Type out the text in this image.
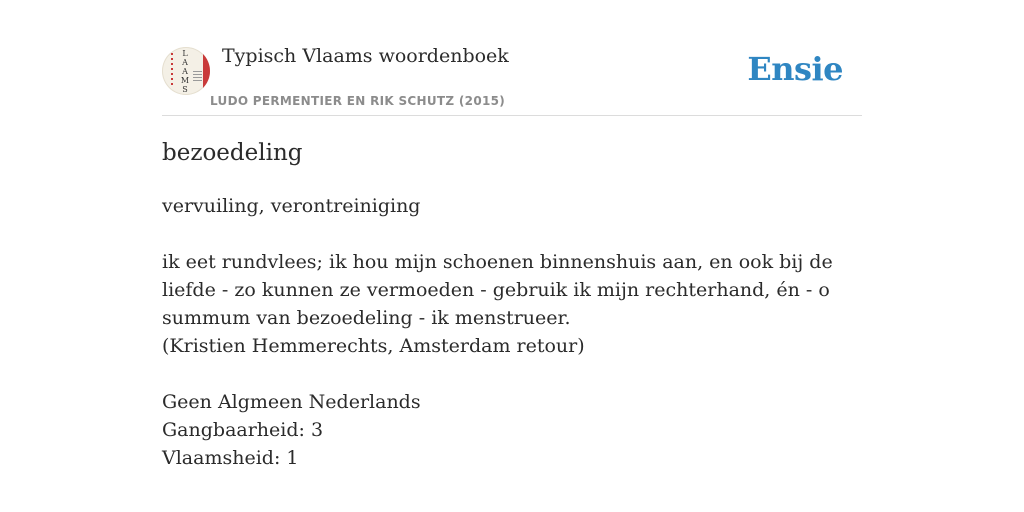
L
A
A
M
S
Typisch Vlaams woordenboek
LUDO PERMENTIER EN RIK SCHUTZ (2015)
Ensie
bezoedeling

vervuiling, verontreiniging

ik eet rundvlees; ik hou mijn schoenen binnenshuis aan, en ook bij de liefde - zo kunnen ze vermoeden - gebruik ik mijn rechterhand, én - o summum van bezoedeling - ik menstrueer.

(Kristien Hemmerechts, Amsterdam retour)

Geen Algmeen Nederlands

Gangbaarheid: 3

Vlaamsheid: 1
